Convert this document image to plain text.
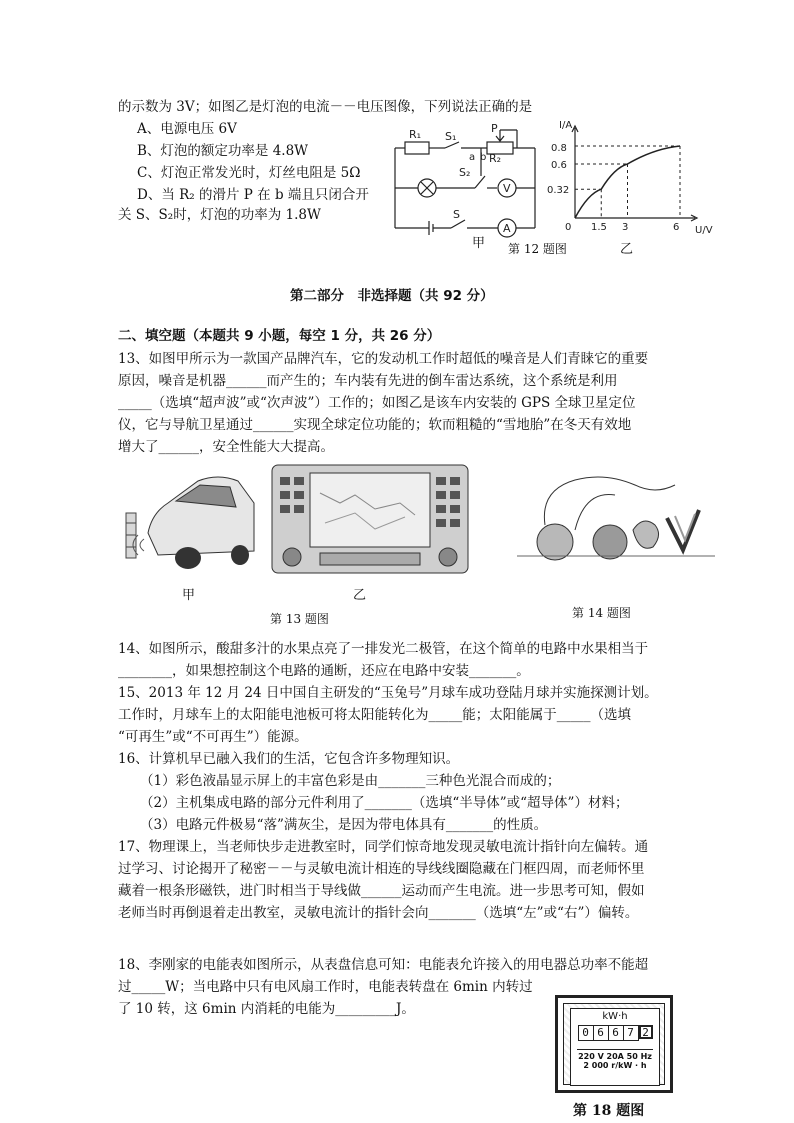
的示数为 3V；如图乙是灯泡的电流－－电压图像，下列说法正确的是
A、电源电压 6V
B、灯泡的额定功率是 4.8W
C、灯泡正常发光时，灯丝电阻是 5Ω
D、当 R₂ 的滑片 P 在 b 端且只闭合开
关 S、S₂时，灯泡的功率为 1.8W
R₁ S₁
P
a R₂
b
S₂
V
S
A
甲
I/A
U/V
0
0.8
0.6
0.32
1.5 3	6
第 12 题图	乙
第二部分　非选择题（共 92 分）
二、填空题（本题共 9 小题，每空 1 分，共 26 分）
13、如图甲所示为一款国产品牌汽车，它的发动机工作时超低的噪音是人们青睐它的重要
原因，噪音是机器______而产生的；车内装有先进的倒车雷达系统，这个系统是利用
_____（选填“超声波”或“次声波”）工作的；如图乙是该车内安装的 GPS 全球卫星定位
仪，它与导航卫星通过______实现全球定位功能的；软而粗糙的“雪地胎”在冬天有效地
增大了______，安全性能大大提高。
甲	乙
第 13 题图	第 14 题图
14、如图所示，酸甜多汁的水果点亮了一排发光二极管，在这个简单的电路中水果相当于
________，如果想控制这个电路的通断，还应在电路中安装_______。
15、2013 年 12 月 24 日中国自主研发的“玉兔号”月球车成功登陆月球并实施探测计划。
工作时，月球车上的太阳能电池板可将太阳能转化为_____能；太阳能属于_____（选填
“可再生”或“不可再生”）能源。
16、计算机早已融入我们的生活，它包含许多物理知识。
（1）彩色液晶显示屏上的丰富色彩是由_______三种色光混合而成的；
（2）主机集成电路的部分元件利用了_______（选填“半导体”或“超导体”）材料；
（3）电路元件极易“落”满灰尘，是因为带电体具有_______的性质。
17、物理课上，当老师快步走进教室时，同学们惊奇地发现灵敏电流计指针向左偏转。通
过学习、讨论揭开了秘密－－与灵敏电流计相连的导线线圈隐藏在门框四周，而老师怀里
藏着一根条形磁铁，进门时相当于导线做______运动而产生电流。进一步思考可知，假如
老师当时再倒退着走出教室，灵敏电流计的指针会向_______（选填“左”或“右”）偏转。
18、李刚家的电能表如图所示，从表盘信息可知：电能表允许接入的用电器总功率不能超
过_____W；当电路中只有电风扇工作时，电能表转盘在 6min 内转过
了 10 转，这 6min 内消耗的电能为_________J。	kW·h
0 6 6 7 2
220 V 20A 50 Hz
2 000 r/kW · h
第 18 题图
